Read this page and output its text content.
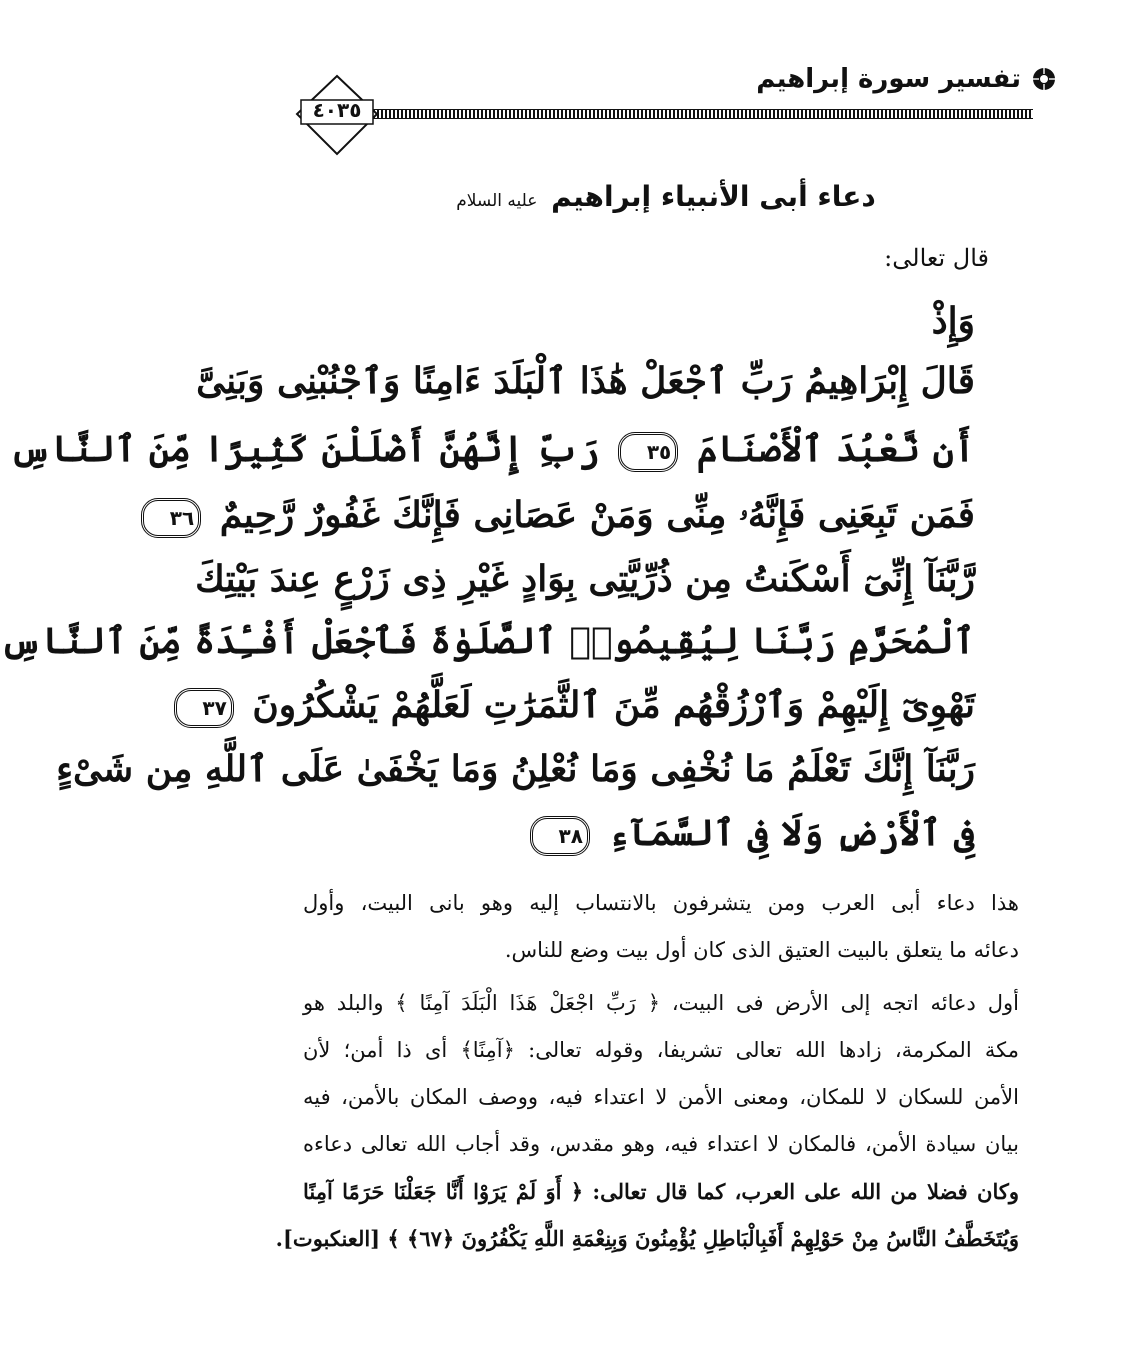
تفسير سورة إبراهيم
٤٠٣٥
دعاء أبى الأنبياء إبراهيم عليه السلام
قال تعالى:
وَإِذْ
قَالَ إِبْرَاهِيمُ رَبِّ ٱجْعَلْ هَٰذَا ٱلْبَلَدَ ءَامِنًا وَٱجْنُبْنِى وَبَنِىَّ
أَن نَّعْبُدَ ٱلْأَصْنَامَ ٣٥ رَبِّ إِنَّهُنَّ أَضْلَلْنَ كَثِيرًا مِّنَ ٱلنَّاسِ
فَمَن تَبِعَنِى فَإِنَّهُۥ مِنِّى وَمَنْ عَصَانِى فَإِنَّكَ غَفُورٌ رَّحِيمٌ ٣٦
رَّبَّنَآ إِنِّىٓ أَسْكَنتُ مِن ذُرِّيَّتِى بِوَادٍ غَيْرِ ذِى زَرْعٍ عِندَ بَيْتِكَ
ٱلْمُحَرَّمِ رَبَّنَا لِيُقِيمُوا۟ ٱلصَّلَوٰةَ فَٱجْعَلْ أَفْـِٔدَةً مِّنَ ٱلنَّاسِ
تَهْوِىٓ إِلَيْهِمْ وَٱرْزُقْهُم مِّنَ ٱلثَّمَرَٰتِ لَعَلَّهُمْ يَشْكُرُونَ ٣٧
رَبَّنَآ إِنَّكَ تَعْلَمُ مَا نُخْفِى وَمَا نُعْلِنُ وَمَا يَخْفَىٰ عَلَى ٱللَّهِ مِن شَىْءٍ
فِى ٱلْأَرْضِ وَلَا فِى ٱلسَّمَآءِ ٣٨
هذا دعاء أبى العرب ومن يتشرفون بالانتساب إليه وهو بانى البيت، وأول
دعائه ما يتعلق بالبيت العتيق الذى كان أول بيت وضع للناس.
أول دعائه اتجه إلى الأرض فى البيت، ﴿ رَبِّ اجْعَلْ هَذَا الْبَلَدَ آمِنًا ﴾ والبلد هو
مكة المكرمة، زادها الله تعالى تشريفا، وقوله تعالى: ﴿آمِنًا﴾ أى ذا أمن؛ لأن
الأمن للسكان لا للمكان، ومعنى الأمن لا اعتداء فيه، ووصف المكان بالأمن، فيه
بيان سيادة الأمن، فالمكان لا اعتداء فيه، وهو مقدس، وقد أجاب الله تعالى دعاءه
وكان فضلا من الله على العرب، كما قال تعالى: ﴿ أَوَ لَمْ يَرَوْا أَنَّا جَعَلْنَا حَرَمًا آمِنًا
وَيُتَخَطَّفُ النَّاسُ مِنْ حَوْلِهِمْ أَفَبِالْبَاطِلِ يُؤْمِنُونَ وَبِنِعْمَةِ اللَّهِ يَكْفُرُونَ ﴿٦٧﴾ ﴾ [العنكبوت].
